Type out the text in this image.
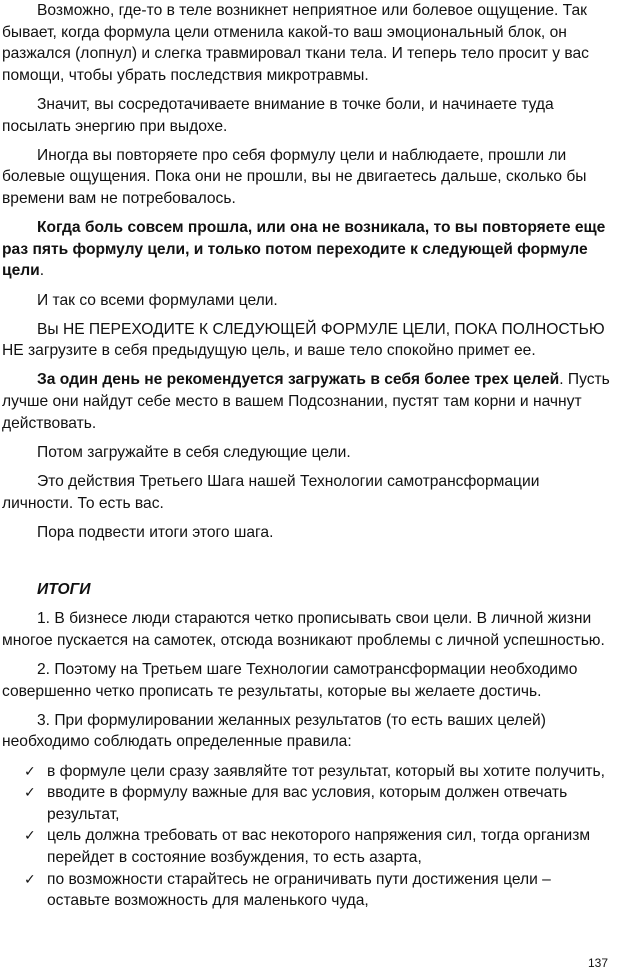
Возможно, где-то в теле возникнет неприятное или болевое ощущение. Так бывает, когда формула цели отменила какой-то ваш эмоциональный блок, он разжался (лопнул) и слегка травмировал ткани тела. И теперь тело просит у вас помощи, чтобы убрать последствия микротравмы.

Значит, вы сосредотачиваете внимание в точке боли, и начинаете туда посылать энергию при выдохе.

Иногда вы повторяете про себя формулу цели и наблюдаете, прошли ли болевые ощущения. Пока они не прошли, вы не двигаетесь дальше, сколько бы времени вам не потребовалось.

Когда боль совсем прошла, или она не возникала, то вы повторяете еще раз пять формулу цели, и только потом переходите к следующей формуле цели.

И так со всеми формулами цели.

Вы НЕ ПЕРЕХОДИТЕ К СЛЕДУЮЩЕЙ ФОРМУЛЕ ЦЕЛИ, ПОКА ПОЛНОСТЬЮ НЕ загрузите в себя предыдущую цель, и ваше тело спокойно примет ее.

За один день не рекомендуется загружать в себя более трех целей. Пусть лучше они найдут себе место в вашем Подсознании, пустят там корни и начнут действовать.

Потом загружайте в себя следующие цели.

Это действия Третьего Шага нашей Технологии самотрансформации личности. То есть вас.

Пора подвести итоги этого шага.

ИТОГИ

1. В бизнесе люди стараются четко прописывать свои цели. В личной жизни многое пускается на самотек, отсюда возникают проблемы с личной успешностью.

2. Поэтому на Третьем шаге Технологии самотрансформации необходимо совершенно четко прописать те результаты, которые вы желаете достичь.

3. При формулировании желанных результатов (то есть ваших целей) необходимо соблюдать определенные правила:

✓ в формуле цели сразу заявляйте тот результат, который вы хотите получить,
✓ вводите в формулу важные для вас условия, которым должен отвечать результат,
✓ цель должна требовать от вас некоторого напряжения сил, тогда организм перейдет в состояние возбуждения, то есть азарта,
✓ по возможности старайтесь не ограничивать пути достижения цели – оставьте возможность для маленького чуда,
137
